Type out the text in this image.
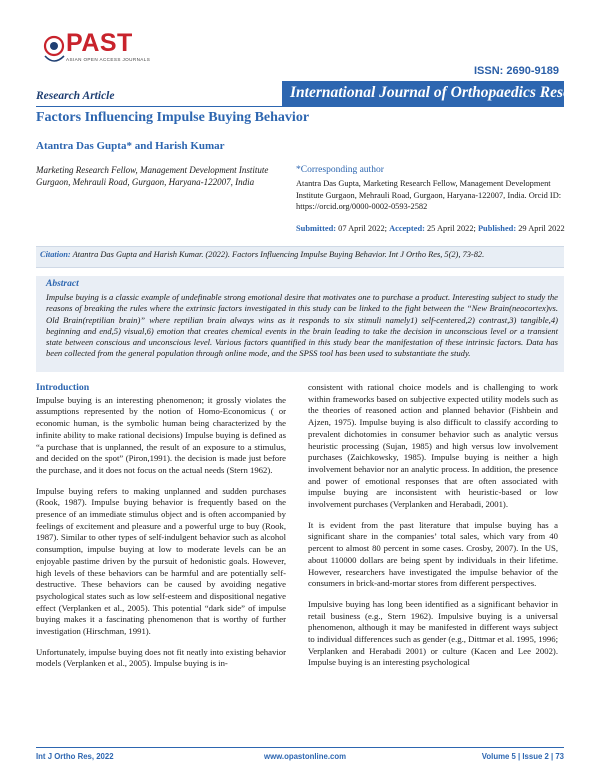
PAST
ASIAN OPEN ACCESS JOURNALS
ISSN: 2690-9189
Research Article	International Journal of Orthopaedics Research
Factors Influencing Impulse Buying Behavior
Atantra Das Gupta* and Harish Kumar
Marketing Research Fellow, Management Development Institute Gurgaon, Mehrauli Road, Gurgaon, Haryana-122007, India
*Corresponding author
Atantra Das Gupta, Marketing Research Fellow, Management Development Institute Gurgaon, Mehrauli Road, Gurgaon, Haryana-122007, India. Orcid ID: https://orcid.org/0000-0002-0593-2582
Submitted: 07 April 2022; Accepted: 25 April 2022; Published: 29 April 2022
Citation: Atantra Das Gupta and Harish Kumar. (2022). Factors Influencing Impulse Buying Behavior. Int J Ortho Res, 5(2), 73-82.
Abstract
Impulse buying is a classic example of undefinable strong emotional desire that motivates one to purchase a product. Interesting subject to study the reasons of breaking the rules where the extrinsic factors investigated in this study can be linked to the fight between the “New Brain(neocortex)vs. Old Brain(reptilian brain)” where reptilian brain always wins as it responds to six stimuli namely1) self-centered,2) contrast,3) tangible,4) beginning and end,5) visual,6) emotion that creates chemical events in the brain leading to take the decision in unconscious level or a transient state between conscious and unconscious level. Various factors quantified in this study bear the manifestation of these intrinsic factors. Data has been collected from the general population through online mode, and the SPSS tool has been used to substantiate the study.
Introduction

Impulse buying is an interesting phenomenon; it grossly violates the assumptions represented by the notion of Homo-Economicus ( or economic human, is the symbolic human being characterized by the infinite ability to make rational decisions) Impulse buying is defined as “a purchase that is unplanned, the result of an exposure to a stimulus, and decided on the spot” (Piron,1991). the decision is made just before the purchase, and it does not focus on the actual needs (Stern 1962).

Impulse buying refers to making unplanned and sudden purchases (Rook, 1987). Impulse buying behavior is frequently based on the presence of an immediate stimulus object and is often accompanied by feelings of excitement and pleasure and a powerful urge to buy (Rook, 1987). Similar to other types of self-indulgent behavior such as alcohol consumption, impulse buying at low to moderate levels can be an enjoyable pastime driven by the pursuit of hedonistic goals. However, high levels of these behaviors can be harmful and are potentially self-destructive. These behaviors can be caused by avoiding negative psychological states such as low self-esteem and dispositional negative effect (Verplanken et al., 2005). This potential “dark side” of impulse buying makes it a fascinating phenomenon that is worthy of further investigation (Hirschman, 1991).

Unfortunately, impulse buying does not fit neatly into existing behavior models (Verplanken et al., 2005). Impulse buying is in-

consistent with rational choice models and is challenging to work within frameworks based on subjective expected utility models such as the theories of reasoned action and planned behavior (Fishbein and Ajzen, 1975). Impulse buying is also difficult to classify according to prevalent dichotomies in consumer behavior such as analytic versus heuristic processing (Sujan, 1985) and high versus low involvement purchases (Zaichkowsky, 1985). Impulse buying is neither a high involvement behavior nor an analytic process. In addition, the presence and power of emotional responses that are often associated with impulse buying are inconsistent with heuristic-based or low involvement purchases (Verplanken and Herabadi, 2001).

It is evident from the past literature that impulse buying has a significant share in the companies’ total sales, which vary from 40 percent to almost 80 percent in some cases. Crosby, 2007). In the US, about 110000 dollars are being spent by individuals in their lifetime. However, researchers have investigated the impulse behavior of the consumers in brick-and-mortar stores from different perspectives.

Impulsive buying has long been identified as a significant behavior in retail business (e.g., Stern 1962). Impulsive buying is a universal phenomenon, although it may be manifested in different ways subject to individual differences such as gender (e.g., Dittmar et al. 1995, 1996; Verplanken and Herabadi 2001) or culture (Kacen and Lee 2002). Impulse buying is an interesting psychological

Int J Ortho Res, 2022	www.opastonline.com	Volume 5 | Issue 2 | 73
